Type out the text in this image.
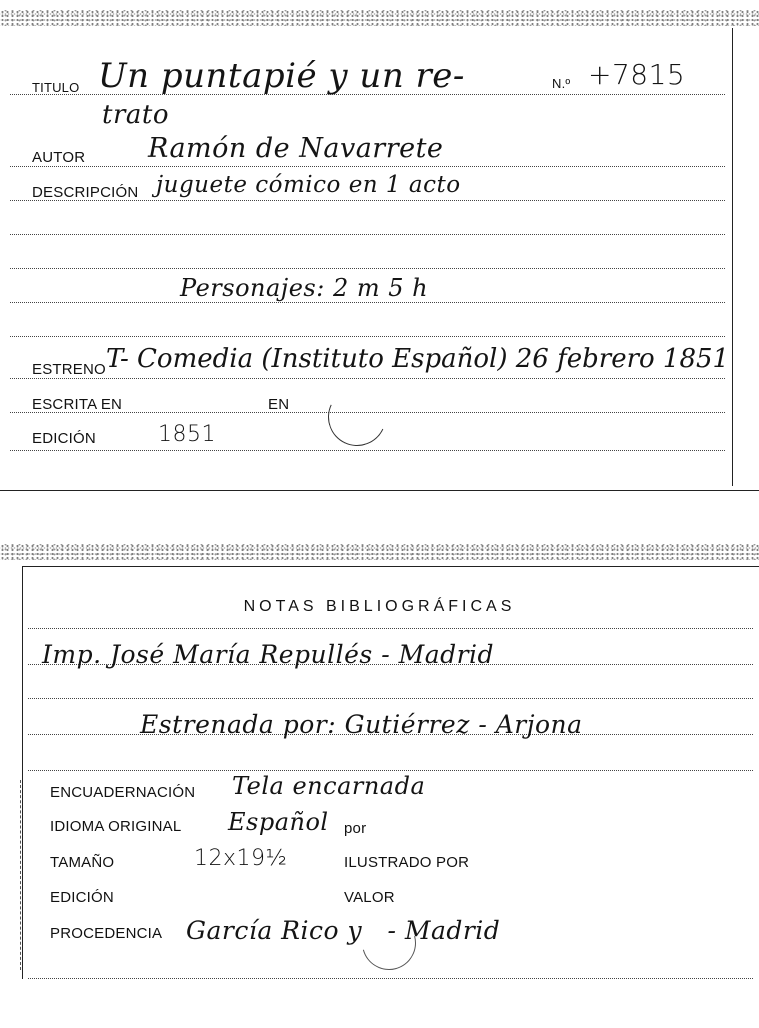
TITULO Un puntapié y un re-	N.º +7815
trato
AUTOR Ramón de Navarrete
DESCRIPCIÓN juguete cómico en 1 acto
Personajes: 2 m 5 h
ESTRENO T- Comedia (Instituto Español) 26 febrero 1851
ESCRITA EN	EN
EDICIÓN	1851
NOTAS BIBLIOGRÁFICAS
Imp. José María Repullés - Madrid
Estrenada por: Gutiérrez - Arjona
ENCUADERNACIÓN Tela encarnada
IDIOMA ORIGINAL Español por
TAMAÑO	12x19½	ILUSTRADO POR
EDICIÓN	VALOR
PROCEDENCIA García Rico y   - Madrid
